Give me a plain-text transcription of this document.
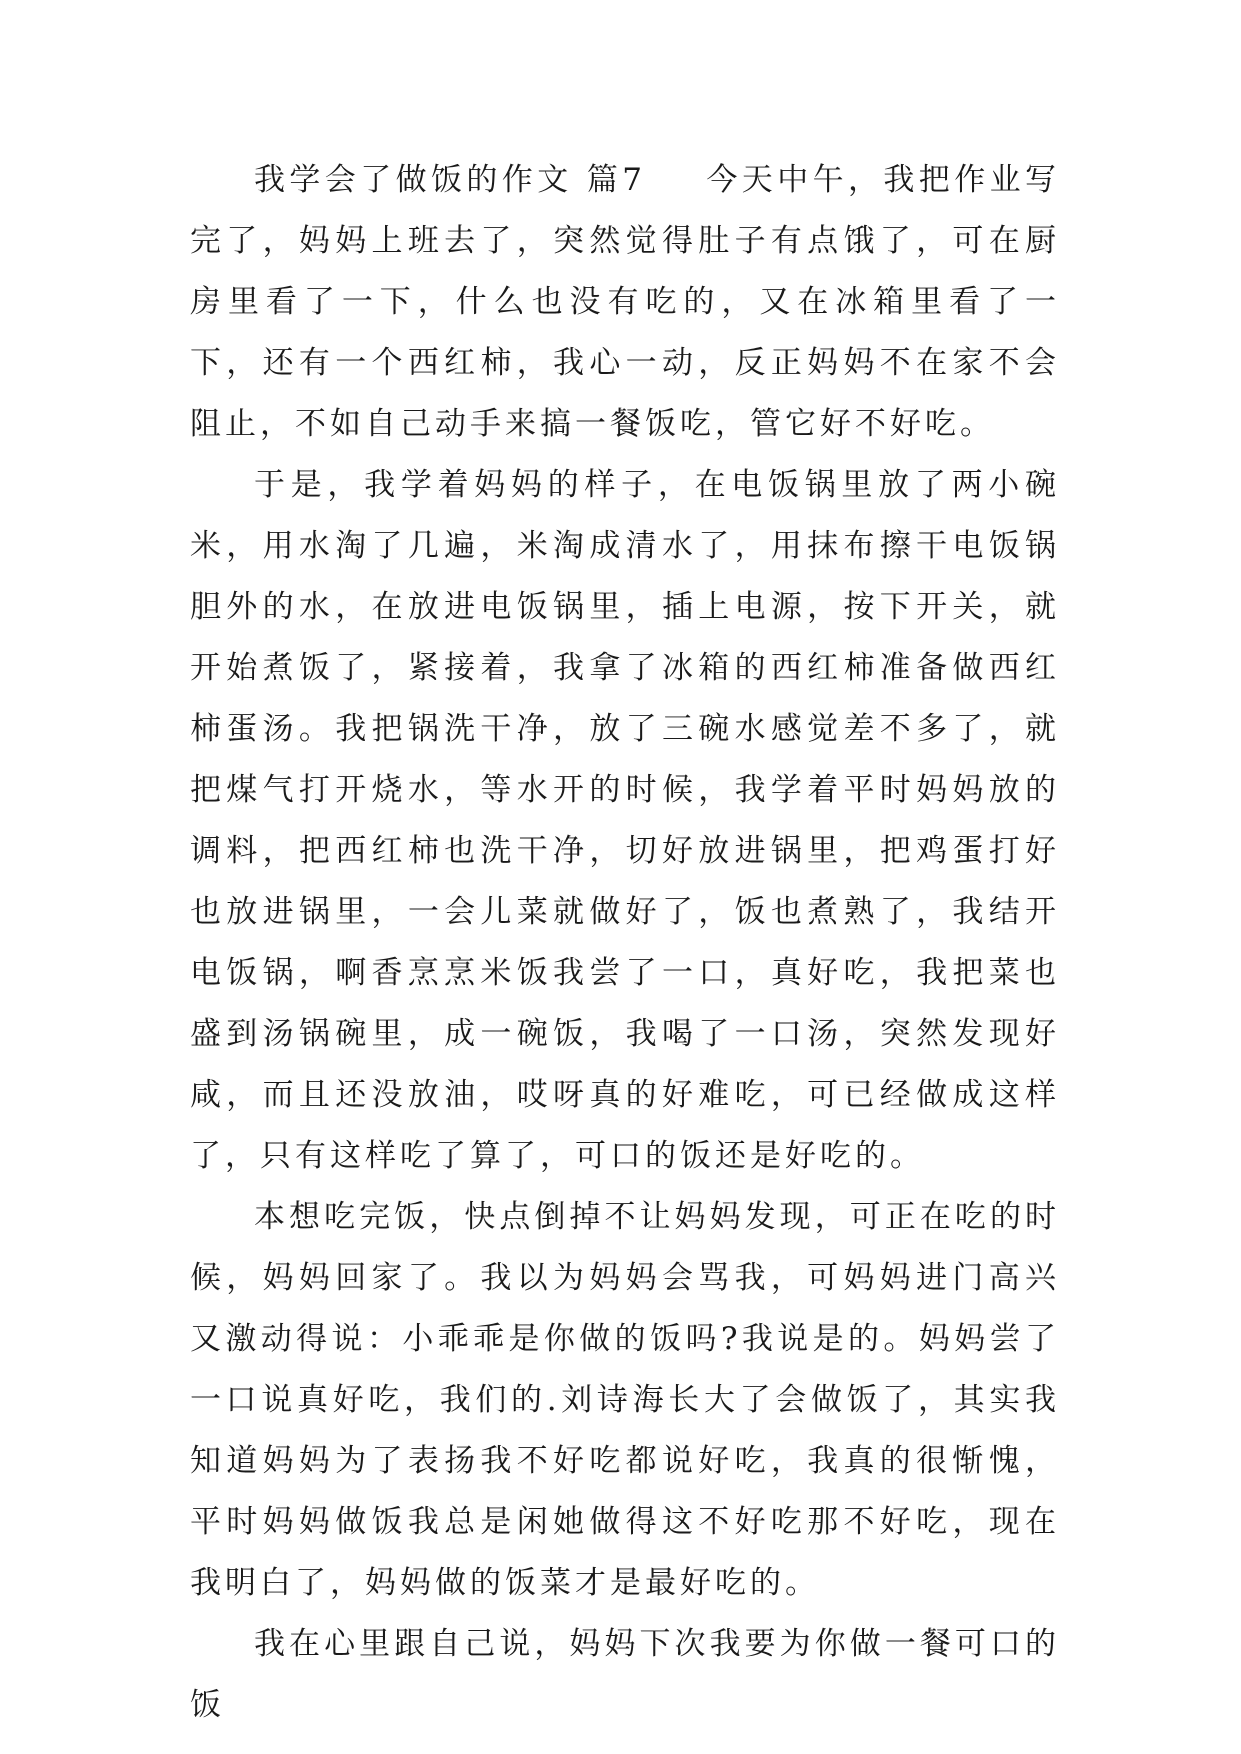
我学会了做饭的作文 篇7 今天中午，我把作业写完了，妈妈上班去了，突然觉得肚子有点饿了，可在厨房里看了一下，什么也没有吃的，又在冰箱里看了一下，还有一个西红柿，我心一动，反正妈妈不在家不会阻止，不如自己动手来搞一餐饭吃，管它好不好吃。

于是，我学着妈妈的样子，在电饭锅里放了两小碗米，用水淘了几遍，米淘成清水了，用抹布擦干电饭锅胆外的水，在放进电饭锅里，插上电源，按下开关，就开始煮饭了，紧接着，我拿了冰箱的西红柿准备做西红柿蛋汤。我把锅洗干净，放了三碗水感觉差不多了，就把煤气打开烧水，等水开的时候，我学着平时妈妈放的调料，把西红柿也洗干净，切好放进锅里，把鸡蛋打好也放进锅里，一会儿菜就做好了，饭也煮熟了，我结开电饭锅，啊香烹烹米饭我尝了一口，真好吃，我把菜也盛到汤锅碗里，成一碗饭，我喝了一口汤，突然发现好咸，而且还没放油，哎呀真的好难吃，可已经做成这样了，只有这样吃了算了，可口的饭还是好吃的。

本想吃完饭，快点倒掉不让妈妈发现，可正在吃的时候，妈妈回家了。我以为妈妈会骂我，可妈妈进门高兴又激动得说：小乖乖是你做的饭吗?我说是的。妈妈尝了一口说真好吃，我们的.刘诗海长大了会做饭了，其实我知道妈妈为了表扬我不好吃都说好吃，我真的很惭愧，平时妈妈做饭我总是闲她做得这不好吃那不好吃，现在我明白了，妈妈做的饭菜才是最好吃的。

我在心里跟自己说，妈妈下次我要为你做一餐可口的饭
